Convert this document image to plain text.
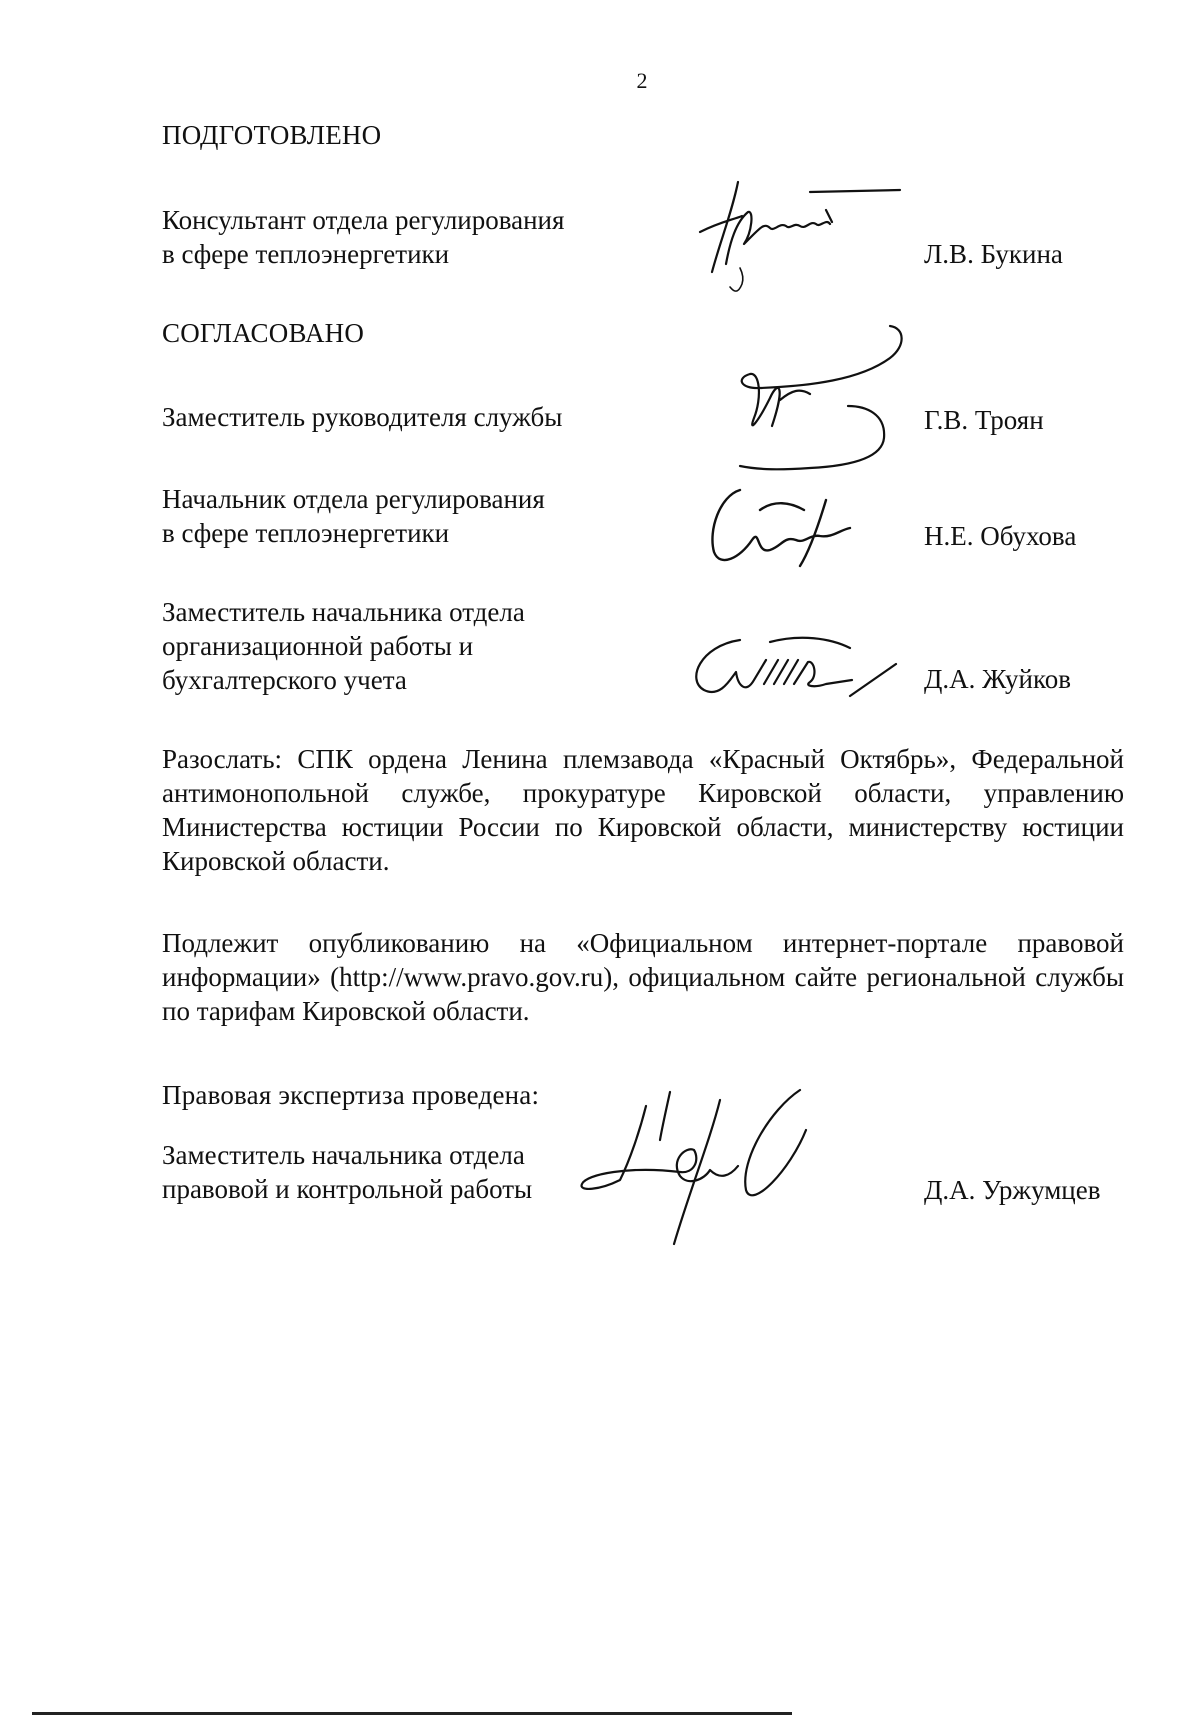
2
ПОДГОТОВЛЕНО
Консультант отдела регулирования
в сфере теплоэнергетики	Л.В. Букина
СОГЛАСОВАНО
Заместитель руководителя службы	Г.В. Троян
Начальник отдела регулирования
в сфере теплоэнергетики	Н.Е. Обухова
Заместитель начальника отдела
организационной работы и
бухгалтерского учета	Д.А. Жуйков
Разослать: СПК ордена Ленина племзавода «Красный Октябрь», Федеральной антимонопольной службе, прокуратуре Кировской области, управлению Министерства юстиции России по Кировской области, министерству юстиции Кировской области.
Подлежит опубликованию на «Официальном интернет-портале правовой информации» (http://www.pravo.gov.ru), официальном сайте региональной службы по тарифам Кировской области.
Правовая экспертиза проведена:
Заместитель начальника отдела
правовой и контрольной работы	Д.А. Уржумцев
